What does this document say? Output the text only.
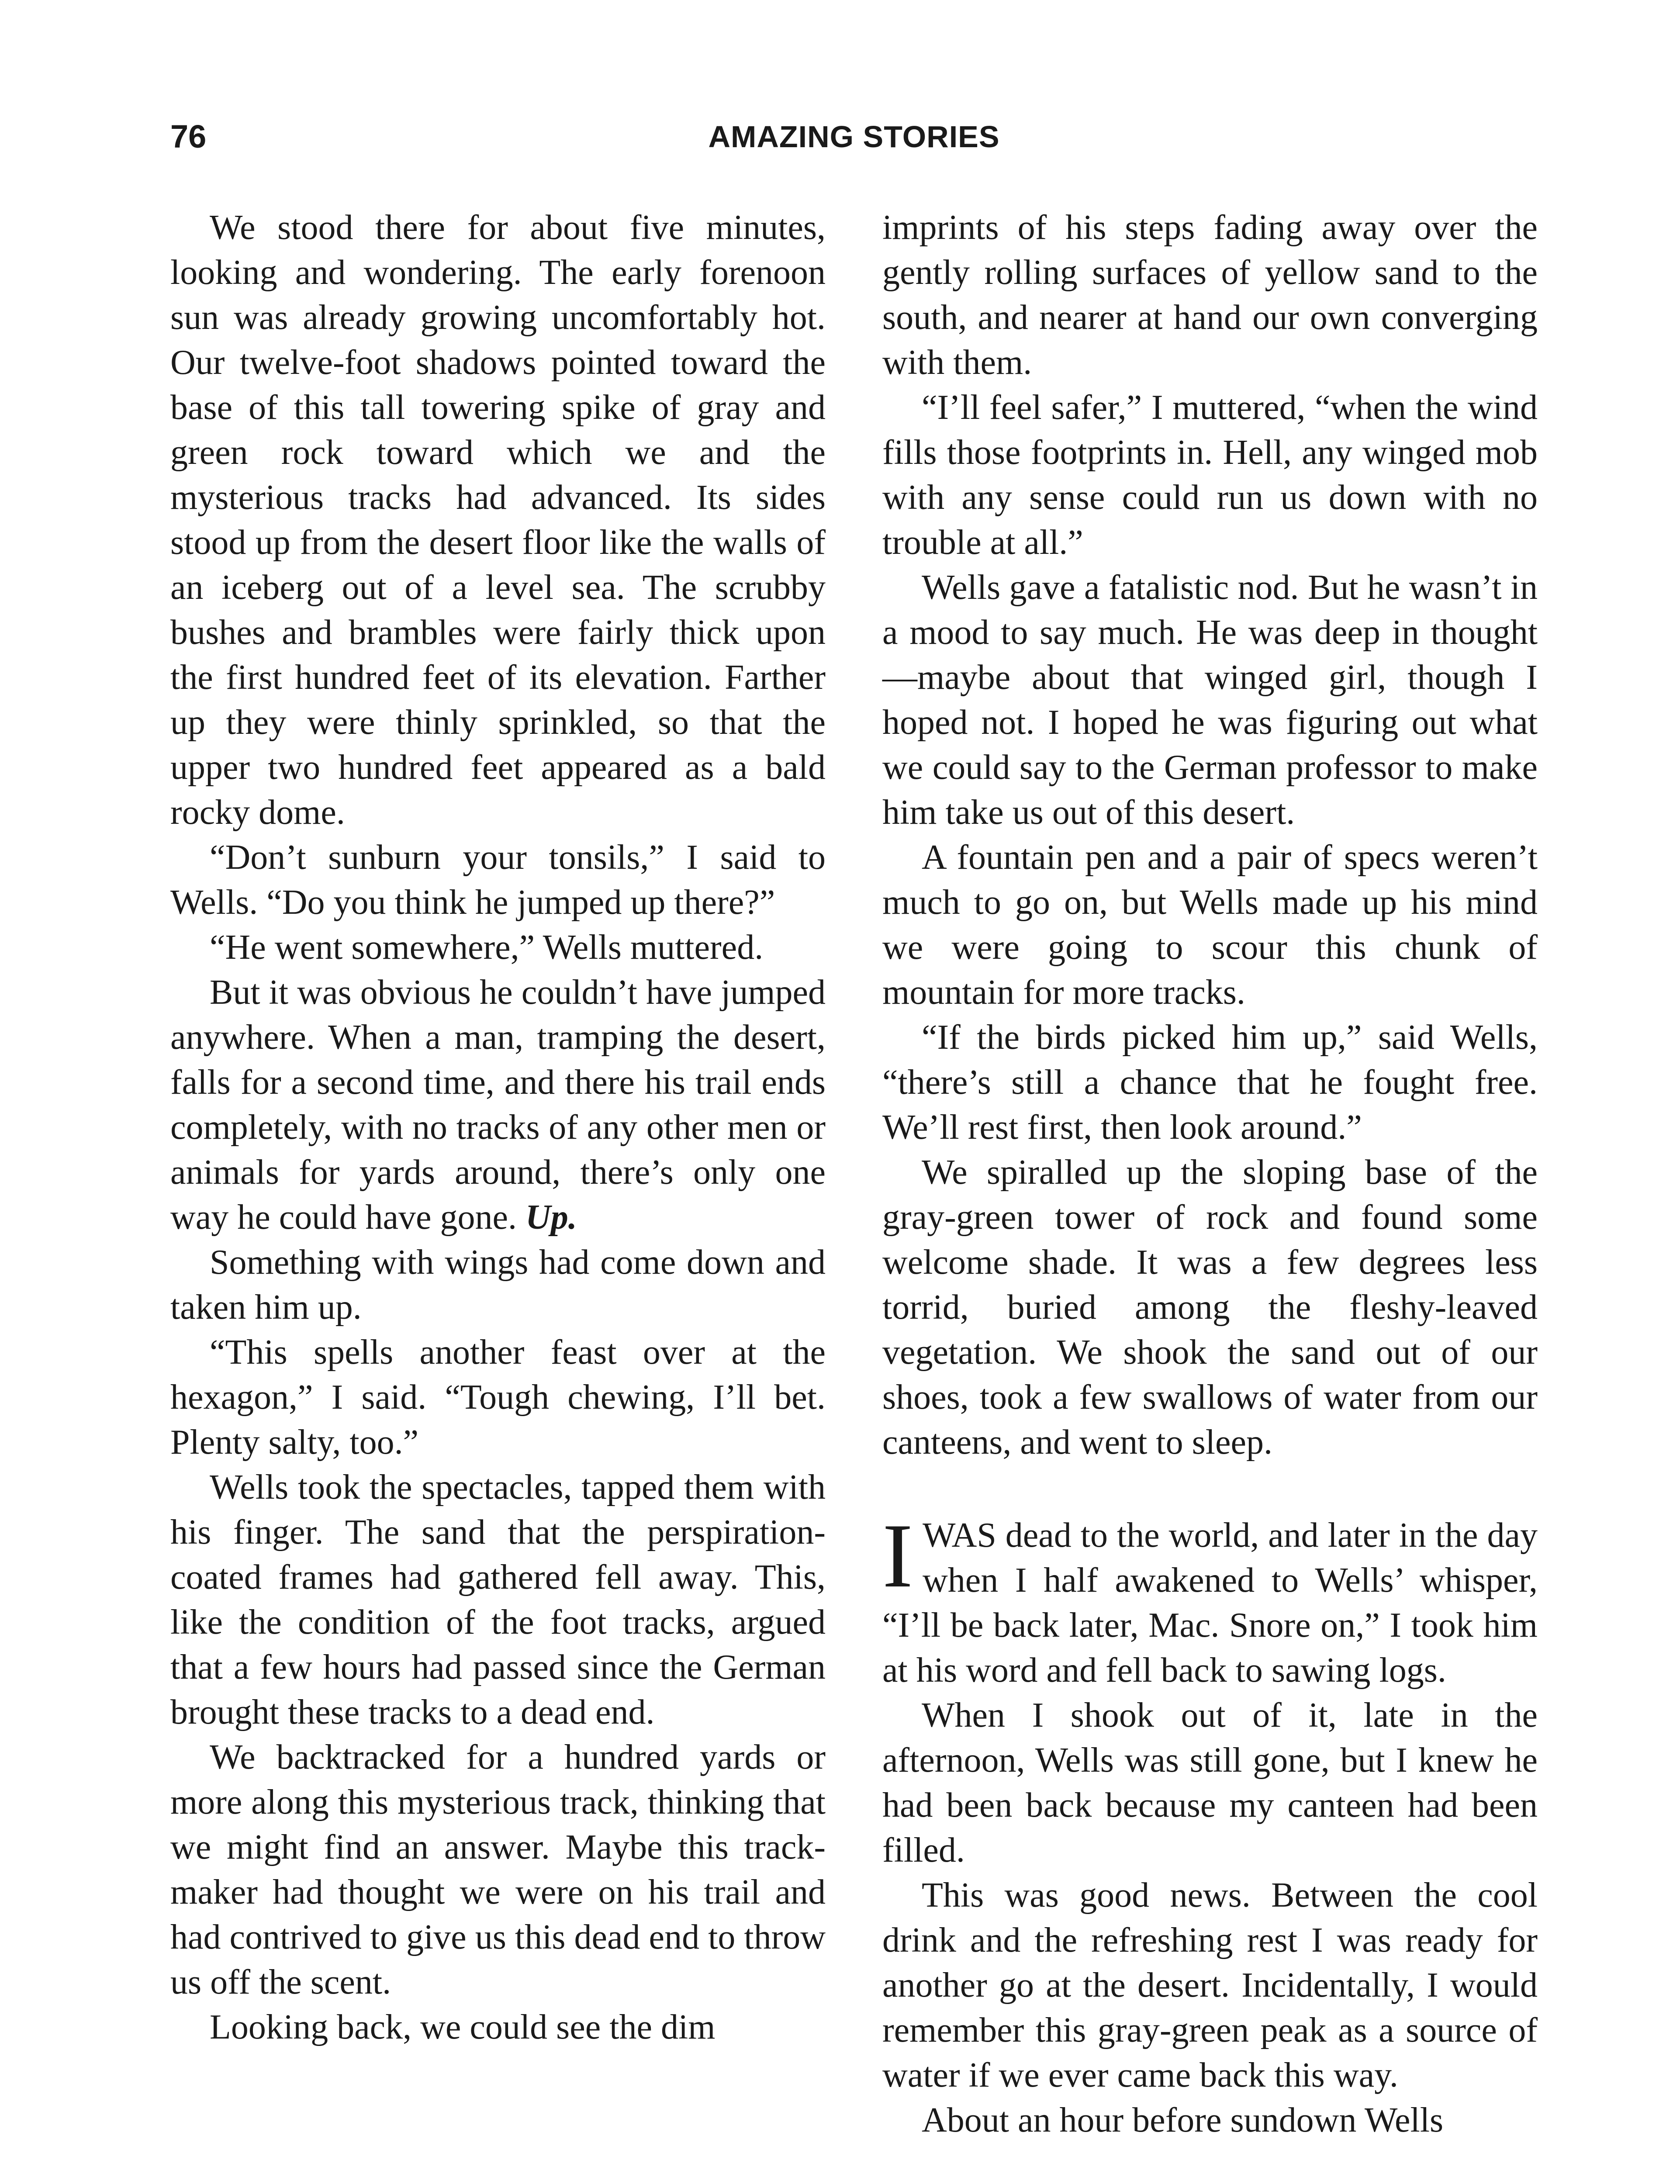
76	AMAZING STORIES

We stood there for about five minutes, looking and wondering. The early forenoon sun was already growing uncomfortably hot. Our twelve-foot shadows pointed toward the base of this tall towering spike of gray and green rock toward which we and the mysterious tracks had advanced. Its sides stood up from the desert floor like the walls of an iceberg out of a level sea. The scrubby bushes and brambles were fairly thick upon the first hundred feet of its elevation. Farther up they were thinly sprinkled, so that the upper two hundred feet appeared as a bald rocky dome.

“Don’t sunburn your tonsils,” I said to Wells. “Do you think he jumped up there?”

“He went somewhere,” Wells muttered.

But it was obvious he couldn’t have jumped anywhere. When a man, tramping the desert, falls for a second time, and there his trail ends completely, with no tracks of any other men or animals for yards around, there’s only one way he could have gone. Up.

Something with wings had come down and taken him up.

“This spells another feast over at the hexagon,” I said. “Tough chewing, I’ll bet. Plenty salty, too.”

Wells took the spectacles, tapped them with his finger. The sand that the perspiration-coated frames had gathered fell away. This, like the condition of the foot tracks, argued that a few hours had passed since the German brought these tracks to a dead end.

We backtracked for a hundred yards or more along this mysterious track, thinking that we might find an answer. Maybe this track-maker had thought we were on his trail and had contrived to give us this dead end to throw us off the scent.

Looking back, we could see the dim

imprints of his steps fading away over the gently rolling surfaces of yellow sand to the south, and nearer at hand our own converging with them.

“I’ll feel safer,” I muttered, “when the wind fills those footprints in. Hell, any winged mob with any sense could run us down with no trouble at all.”

Wells gave a fatalistic nod. But he wasn’t in a mood to say much. He was deep in thought—maybe about that winged girl, though I hoped not. I hoped he was figuring out what we could say to the German professor to make him take us out of this desert.

A fountain pen and a pair of specs weren’t much to go on, but Wells made up his mind we were going to scour this chunk of mountain for more tracks.

“If the birds picked him up,” said Wells, “there’s still a chance that he fought free. We’ll rest first, then look around.”

We spiralled up the sloping base of the gray-green tower of rock and found some welcome shade. It was a few degrees less torrid, buried among the fleshy-leaved vegetation. We shook the sand out of our shoes, took a few swallows of water from our canteens, and went to sleep.

IWAS dead to the world, and later in the day when I half awakened to Wells’ whisper, “I’ll be back later, Mac. Snore on,” I took him at his word and fell back to sawing logs.

When I shook out of it, late in the afternoon, Wells was still gone, but I knew he had been back because my canteen had been filled.

This was good news. Between the cool drink and the refreshing rest I was ready for another go at the desert. Incidentally, I would remember this gray-green peak as a source of water if we ever came back this way.

About an hour before sundown Wells
